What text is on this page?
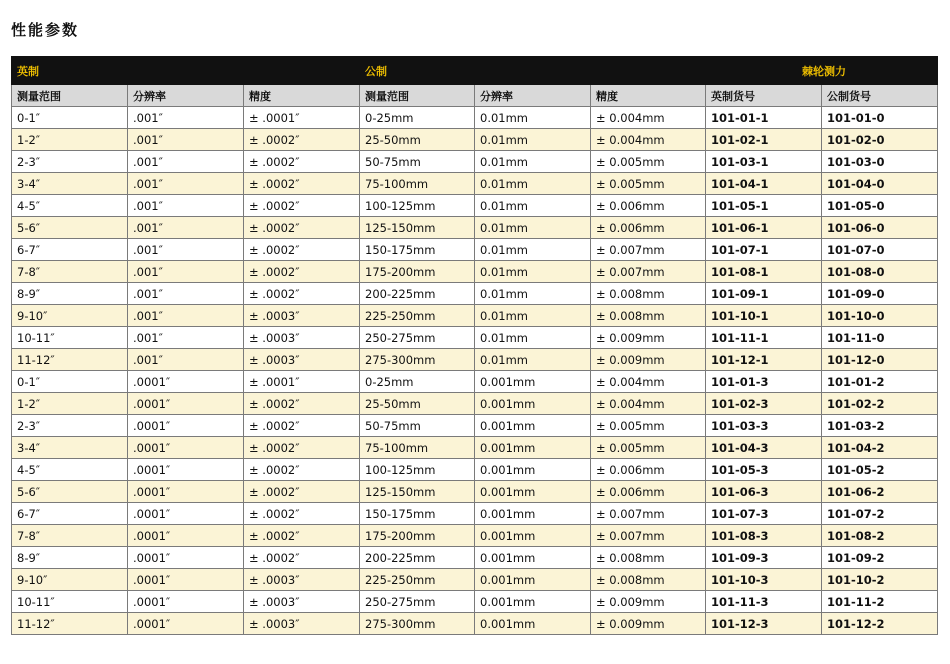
性能参数
英制			公制			棘轮测力	
测量范围	分辨率	精度	测量范围	分辨率	精度	英制货号	公制货号
0-1″	.001″	± .0001″	0-25mm	0.01mm	± 0.004mm	101-01-1	101-01-0
1-2″	.001″	± .0002″	25-50mm	0.01mm	± 0.004mm	101-02-1	101-02-0
2-3″	.001″	± .0002″	50-75mm	0.01mm	± 0.005mm	101-03-1	101-03-0
3-4″	.001″	± .0002″	75-100mm	0.01mm	± 0.005mm	101-04-1	101-04-0
4-5″	.001″	± .0002″	100-125mm	0.01mm	± 0.006mm	101-05-1	101-05-0
5-6″	.001″	± .0002″	125-150mm	0.01mm	± 0.006mm	101-06-1	101-06-0
6-7″	.001″	± .0002″	150-175mm	0.01mm	± 0.007mm	101-07-1	101-07-0
7-8″	.001″	± .0002″	175-200mm	0.01mm	± 0.007mm	101-08-1	101-08-0
8-9″	.001″	± .0002″	200-225mm	0.01mm	± 0.008mm	101-09-1	101-09-0
9-10″	.001″	± .0003″	225-250mm	0.01mm	± 0.008mm	101-10-1	101-10-0
10-11″	.001″	± .0003″	250-275mm	0.01mm	± 0.009mm	101-11-1	101-11-0
11-12″	.001″	± .0003″	275-300mm	0.01mm	± 0.009mm	101-12-1	101-12-0
0-1″	.0001″	± .0001″	0-25mm	0.001mm	± 0.004mm	101-01-3	101-01-2
1-2″	.0001″	± .0002″	25-50mm	0.001mm	± 0.004mm	101-02-3	101-02-2
2-3″	.0001″	± .0002″	50-75mm	0.001mm	± 0.005mm	101-03-3	101-03-2
3-4″	.0001″	± .0002″	75-100mm	0.001mm	± 0.005mm	101-04-3	101-04-2
4-5″	.0001″	± .0002″	100-125mm	0.001mm	± 0.006mm	101-05-3	101-05-2
5-6″	.0001″	± .0002″	125-150mm	0.001mm	± 0.006mm	101-06-3	101-06-2
6-7″	.0001″	± .0002″	150-175mm	0.001mm	± 0.007mm	101-07-3	101-07-2
7-8″	.0001″	± .0002″	175-200mm	0.001mm	± 0.007mm	101-08-3	101-08-2
8-9″	.0001″	± .0002″	200-225mm	0.001mm	± 0.008mm	101-09-3	101-09-2
9-10″	.0001″	± .0003″	225-250mm	0.001mm	± 0.008mm	101-10-3	101-10-2
10-11″	.0001″	± .0003″	250-275mm	0.001mm	± 0.009mm	101-11-3	101-11-2
11-12″	.0001″	± .0003″	275-300mm	0.001mm	± 0.009mm	101-12-3	101-12-2
